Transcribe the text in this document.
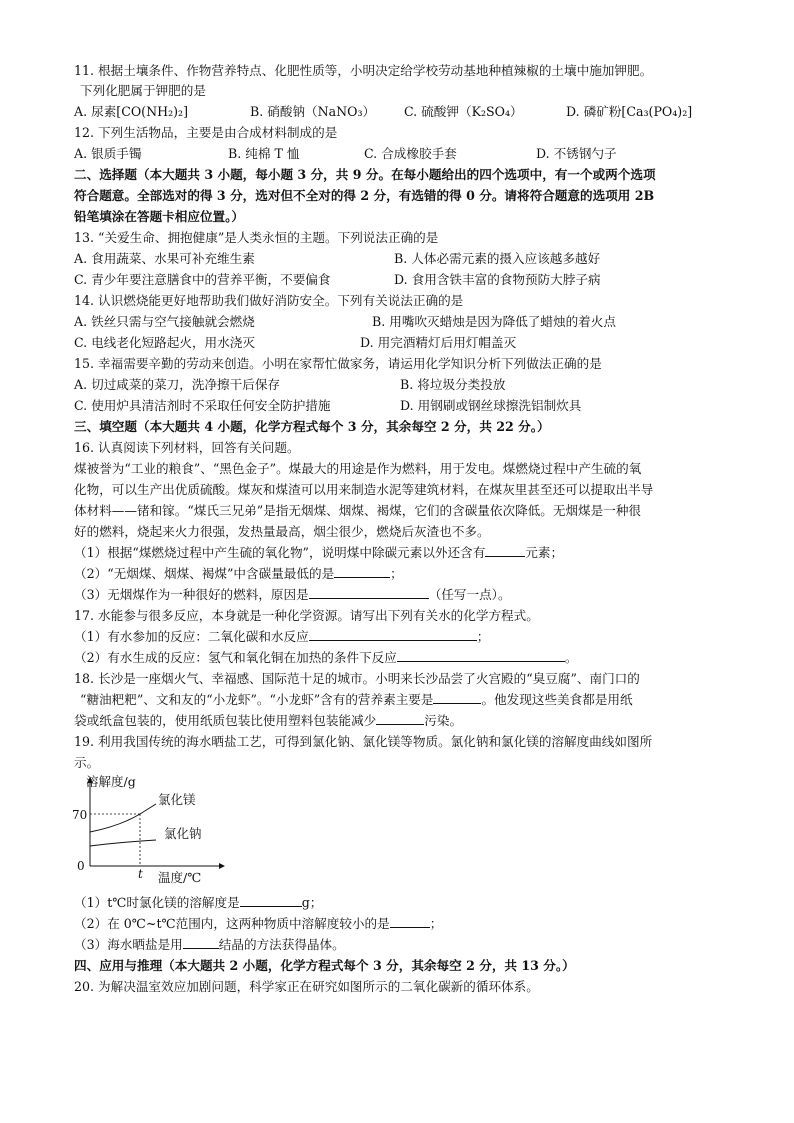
11. 根据土壤条件、作物营养特点、化肥性质等，小明决定给学校劳动基地种植辣椒的土壤中施加钾肥。
下列化肥属于钾肥的是
A. 尿素[CO(NH₂)₂]	B. 硝酸钠（NaNO₃） C. 硫酸钾（K₂SO₄）	D. 磷矿粉[Ca₃(PO₄)₂]
12. 下列生活物品，主要是由合成材料制成的是
A. 银质手镯	B. 纯棉 T 恤	C. 合成橡胶手套	D. 不锈钢勺子
二、选择题（本大题共 3 小题，每小题 3 分，共 9 分。在每小题给出的四个选项中，有一个或两个选项
符合题意。全部选对的得 3 分，选对但不全对的得 2 分，有选错的得 0 分。请将符合题意的选项用 2B
铅笔填涂在答题卡相应位置。）
13. “关爱生命、拥抱健康”是人类永恒的主题。下列说法正确的是
A. 食用蔬菜、水果可补充维生素	B. 人体必需元素的摄入应该越多越好
C. 青少年要注意膳食中的营养平衡，不要偏食	D. 食用含铁丰富的食物预防大脖子病
14. 认识燃烧能更好地帮助我们做好消防安全。下列有关说法正确的是
A. 铁丝只需与空气接触就会燃烧	B. 用嘴吹灭蜡烛是因为降低了蜡烛的着火点
C. 电线老化短路起火，用水浇灭	D. 用完酒精灯后用灯帽盖灭
15. 幸福需要辛勤的劳动来创造。小明在家帮忙做家务，请运用化学知识分析下列做法正确的是
A. 切过咸菜的菜刀，洗净擦干后保存	B. 将垃圾分类投放
C. 使用炉具清洁剂时不采取任何安全防护措施	D. 用钢刷或钢丝球擦洗铝制炊具
三、填空题（本大题共 4 小题，化学方程式每个 3 分，其余每空 2 分，共 22 分。）
16. 认真阅读下列材料，回答有关问题。
煤被誉为“工业的粮食”、“黑色金子”。煤最大的用途是作为燃料，用于发电。煤燃烧过程中产生硫的氧
化物，可以生产出优质硫酸。煤灰和煤渣可以用来制造水泥等建筑材料，在煤灰里甚至还可以提取出半导
体材料——锗和镓。“煤氏三兄弟”是指无烟煤、烟煤、褐煤，它们的含碳量依次降低。无烟煤是一种很
好的燃料，烧起来火力很强，发热量最高，烟尘很少，燃烧后灰渣也不多。
（1）根据“煤燃烧过程中产生硫的氧化物”，说明煤中除碳元素以外还含有	元素；
（2）“无烟煤、烟煤、褐煤”中含碳量最低的是	；
（3）无烟煤作为一种很好的燃料，原因是	（任写一点）。
17. 水能参与很多反应，本身就是一种化学资源。请写出下列有关水的化学方程式。
（1）有水参加的反应：二氧化碳和水反应	；
（2）有水生成的反应：氢气和氧化铜在加热的条件下反应	。
18. 长沙是一座烟火气、幸福感、国际范十足的城市。小明来长沙品尝了火宫殿的“臭豆腐”、南门口的
“糖油粑粑”、文和友的“小龙虾”。“小龙虾”含有的营养素主要是	。他发现这些美食都是用纸
袋或纸盒包装的，使用纸质包装比使用塑料包装能减少	污染。
19. 利用我国传统的海水晒盐工艺，可得到氯化钠、氯化镁等物质。氯化钠和氯化镁的溶解度曲线如图所
示。
溶解度/g
70
0
t 温度/℃
氯化镁
氯化钠
（1）t℃时氯化镁的溶解度是	g；
（2）在 0℃~t℃范围内，这两种物质中溶解度较小的是	；
（3）海水晒盐是用	结晶的方法获得晶体。
四、应用与推理（本大题共 2 小题，化学方程式每个 3 分，其余每空 2 分，共 13 分。）
20. 为解决温室效应加剧问题，科学家正在研究如图所示的二氧化碳新的循环体系。
